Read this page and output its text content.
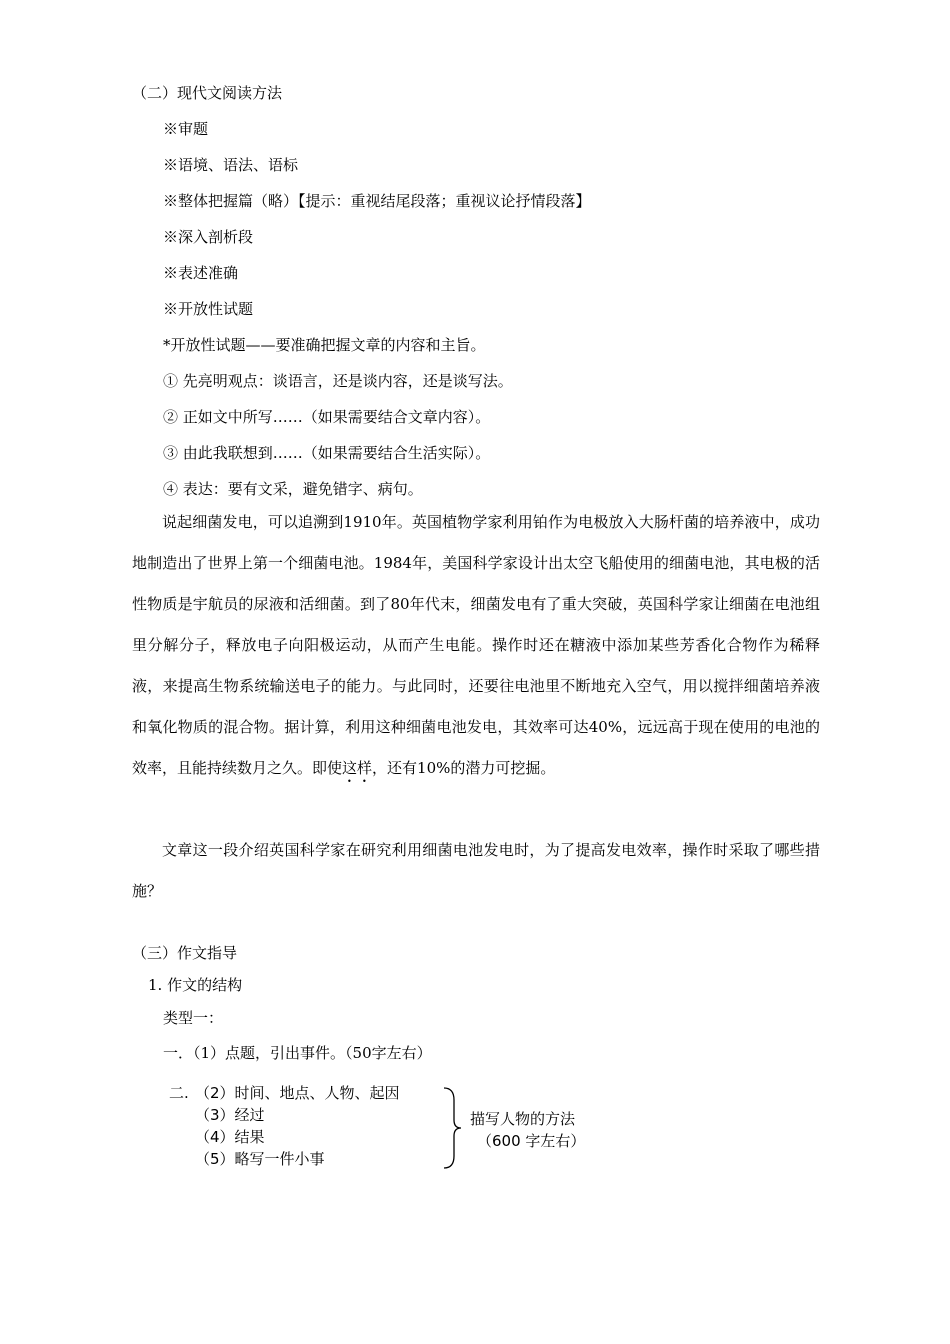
（二）现代文阅读方法
※审题
※语境、语法、语标
※整体把握篇（略）【提示：重视结尾段落；重视议论抒情段落】
※深入剖析段
※表述准确
※开放性试题
*开放性试题——要准确把握文章的内容和主旨。
① 先亮明观点：谈语言，还是谈内容，还是谈写法。
② 正如文中所写……（如果需要结合文章内容）。
③ 由此我联想到……（如果需要结合生活实际）。
④ 表达：要有文采，避免错字、病句。
说起细菌发电，可以追溯到1910年。英国植物学家利用铂作为电极放入大肠杆菌的培养液中，成功地制造出了世界上第一个细菌电池。1984年，美国科学家设计出太空飞船使用的细菌电池，其电极的活性物质是宇航员的尿液和活细菌。到了80年代末，细菌发电有了重大突破，英国科学家让细菌在电池组里分解分子，释放电子向阳极运动，从而产生电能。操作时还在糖液中添加某些芳香化合物作为稀释液，来提高生物系统输送电子的能力。与此同时，还要往电池里不断地充入空气，用以搅拌细菌培养液和氧化物质的混合物。据计算，利用这种细菌电池发电，其效率可达40%，远远高于现在使用的电池的效率，且能持续数月之久。即使这样，还有10%的潜力可挖掘。
文章这一段介绍英国科学家在研究利用细菌电池发电时，为了提高发电效率，操作时采取了哪些措施？
（三）作文指导
1. 作文的结构
类型一：
一．（1）点题，引出事件。（50字左右）
二. （2）时间、地点、人物、起因
（3）经过
（4）结果
（5）略写一件小事
描写人物的方法
（600 字左右）
